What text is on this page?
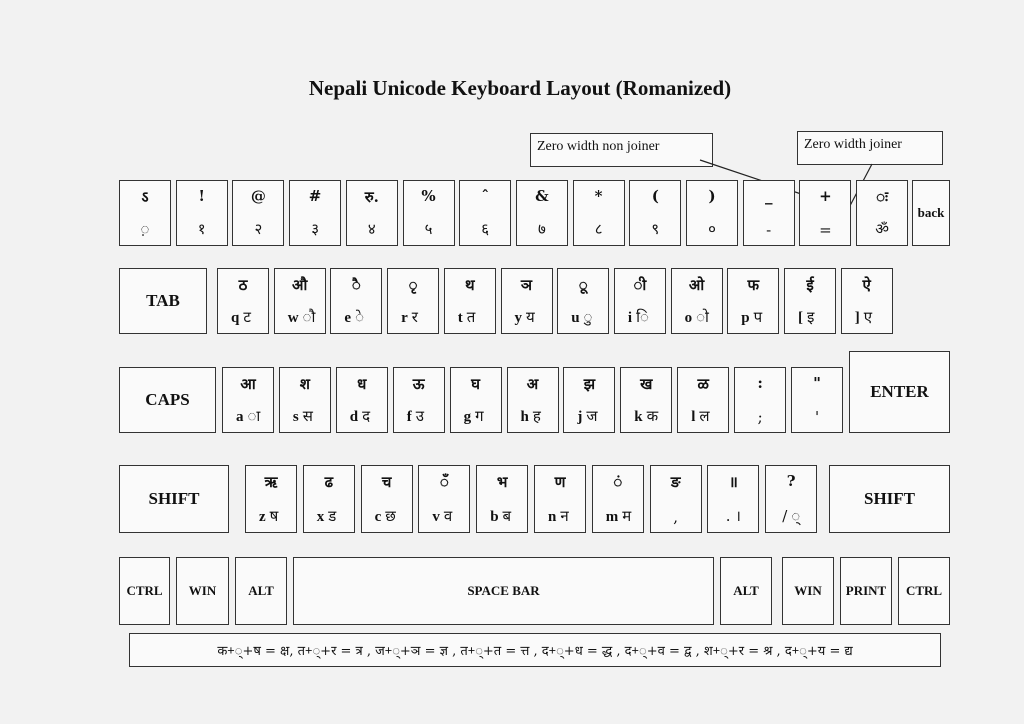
Nepali Unicode Keyboard Layout (Romanized)
Zero width non joiner	Zero width joiner
ऽ
़
!
१
@
२
#
३
रु.
४
%
५
ˆ
६
&
७
*
८
(
९
)
०
_
-
+
=
ः
ॐ
back
TAB
ठ
q ट
औ
w ौ
ै
e े
ृ
r र
थ
t त
ञ
y य
ू
u ु
ी
i ि
ओ
o ो
फ
p प
ई
[ इ
ऐ
] ए
CAPS
आ
a ा
श
s स
ध
d द
ऊ
f उ
घ
g ग
अ
h ह
झ
j ज
ख
k क
ळ
l ल
:
;
"
'
ENTER
SHIFT
ऋ
z ष
ढ
x ड
च
c छ
ँ
v व
भ
b ब
ण
n न
ं
m म
ङ
,
॥
. ।
?
/ ्
SHIFT
CTRL	WIN	ALT	SPACE BAR	ALT	WIN	PRINT	CTRL
क+्+ष = क्ष, त+्+र = त्र , ज+्+ञ = ज्ञ , त+्+त = त्त , द+्+ध = द्ध , द+्+व = द्व , श+्+र = श्र , द+्+य = द्य
